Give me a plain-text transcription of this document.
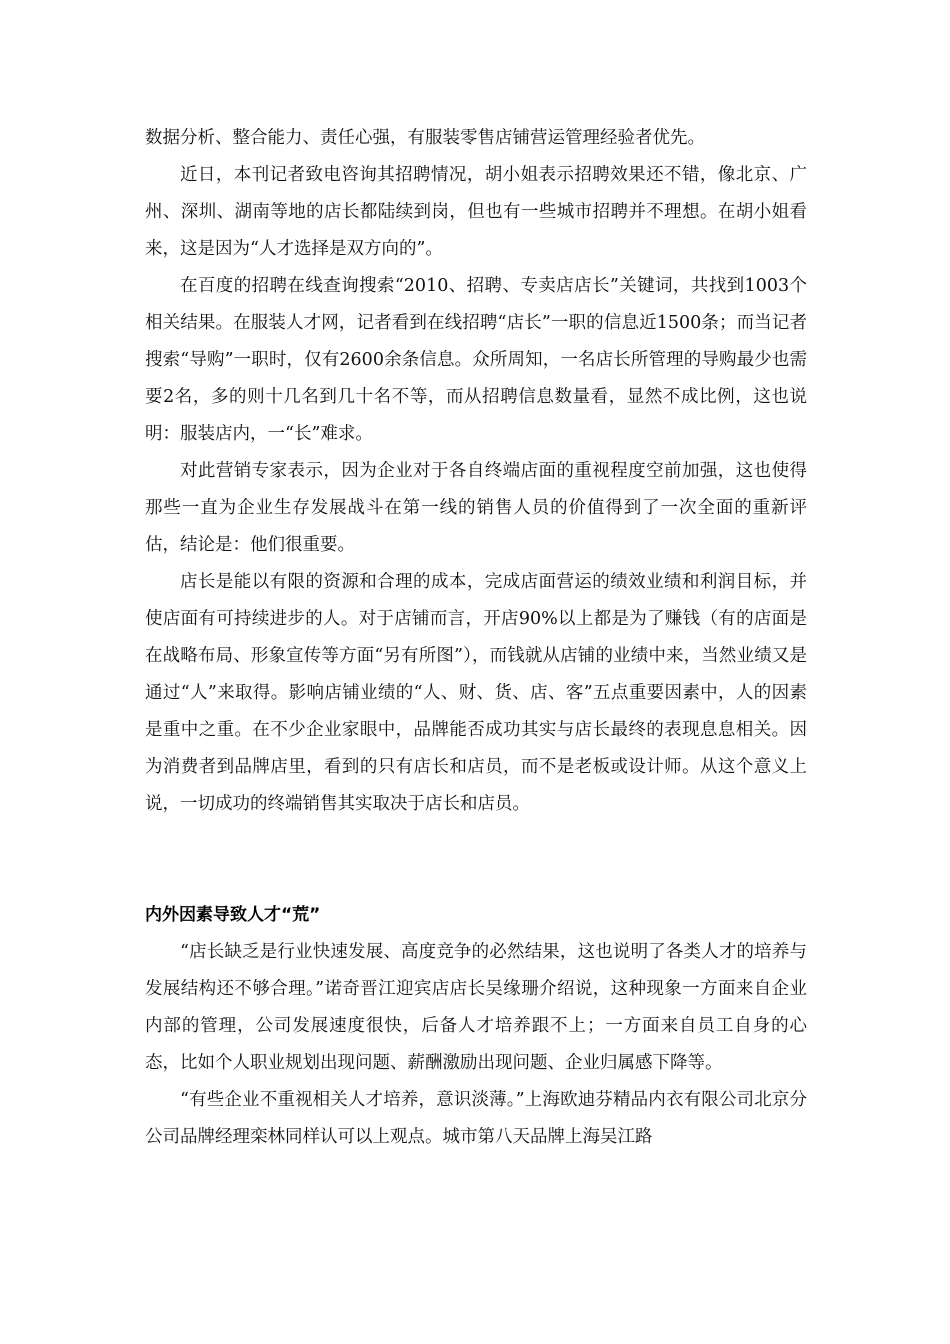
数据分析、整合能力、责任心强，有服装零售店铺营运管理经验者优先。

近日，本刊记者致电咨询其招聘情况，胡小姐表示招聘效果还不错，像北京、广州、深圳、湖南等地的店长都陆续到岗，但也有一些城市招聘并不理想。在胡小姐看来，这是因为“人才选择是双方向的”。

在百度的招聘在线查询搜索“2010、招聘、专卖店店长”关键词，共找到1003个相关结果。在服装人才网，记者看到在线招聘“店长”一职的信息近1500条；而当记者搜索“导购”一职时，仅有2600余条信息。众所周知，一名店长所管理的导购最少也需要2名，多的则十几名到几十名不等，而从招聘信息数量看，显然不成比例，这也说明：服装店内，一“长”难求。

对此营销专家表示，因为企业对于各自终端店面的重视程度空前加强，这也使得那些一直为企业生存发展战斗在第一线的销售人员的价值得到了一次全面的重新评估，结论是：他们很重要。

店长是能以有限的资源和合理的成本，完成店面营运的绩效业绩和利润目标，并使店面有可持续进步的人。对于店铺而言，开店90%以上都是为了赚钱（有的店面是在战略布局、形象宣传等方面“另有所图”），而钱就从店铺的业绩中来，当然业绩又是通过“人”来取得。影响店铺业绩的“人、财、货、店、客”五点重要因素中，人的因素是重中之重。在不少企业家眼中，品牌能否成功其实与店长最终的表现息息相关。因为消费者到品牌店里，看到的只有店长和店员，而不是老板或设计师。从这个意义上说，一切成功的终端销售其实取决于店长和店员。

内外因素导致人才“荒”

“店长缺乏是行业快速发展、高度竞争的必然结果，这也说明了各类人才的培养与发展结构还不够合理。”诺奇晋江迎宾店店长吴缘珊介绍说，这种现象一方面来自企业内部的管理，公司发展速度很快，后备人才培养跟不上；一方面来自员工自身的心态，比如个人职业规划出现问题、薪酬激励出现问题、企业归属感下降等。

“有些企业不重视相关人才培养，意识淡薄。”上海欧迪芬精品内衣有限公司北京分公司品牌经理栾林同样认可以上观点。城市第八天品牌上海吴江路
